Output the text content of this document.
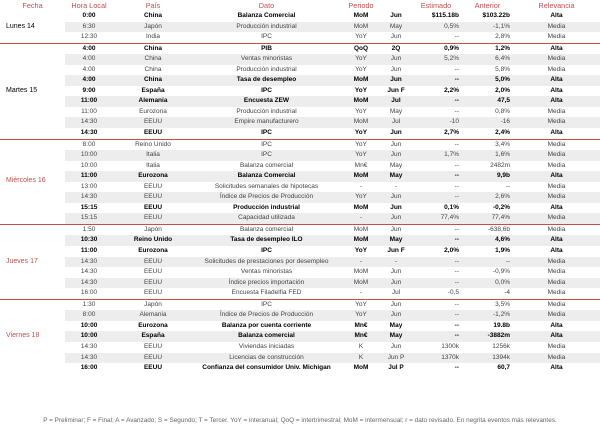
Fecha	Hora Local	País	Dato	Periodo		Estimado	Anterior	Relevancia
Lunes 14	0:00	China	Balanza Comercial	MoM	Jun	$115.18b	$103.22b	Alta
	6:30	Japón	Producción industrial	MoM	May	0,5%	-1,1%	Media
	12:30	India	IPC	YoY	Jun	--	2,8%	Media
Martes 15	4:00	China	PIB	QoQ	2Q	0,9%	1,2%	Alta
	4:00	China	Ventas minoristas	YoY	Jun	5,2%	6,4%	Media
	4:00	China	Producción industrial	YoY	Jun	--	5,8%	Media
	4:00	China	Tasa de desempleo	MoM	Jun	--	5,0%	Alta
	9:00	España	IPC	YoY	Jun F	2,2%	2,0%	Alta
	11:00	Alemania	Encuesta ZEW	MoM	Jul	--	47,5	Alta
	11:00	Eurozona	Producción industrial	YoY	May	--	0,8%	Media
	14:30	EEUU	Empire manufacturero	MoM	Jul	-10	-16	Media
	14:30	EEUU	IPC	YoY	Jun	2,7%	2,4%	Alta
Miércoles 16	8:00	Reino Unido	IPC	YoY	Jun	--	3,4%	Media
	10:00	Italia	IPC	YoY	Jun	1,7%	1,6%	Media
	10:00	Italia	Balanza comercial	Mn€	May	--	2482m	Media
	11:00	Eurozona	Balanza Comercial	MoM	May	--	9,9b	Alta
	13:00	EEUU	Solicitudes semanales de hipotecas	-	-	--	--	Media
	14:30	EEUU	Índice de Precios de Producción	YoY	Jun	--	2,6%	Media
	15:15	EEUU	Producción industrial	MoM	Jun	0,1%	-0,2%	Alta
	15:15	EEUU	Capacidad utilizada	-	Jun	77,4%	77,4%	Media
Jueves 17	1:50	Japón	Balanza comercial	MoM	Jun	--	-638,6b	Media
	10:30	Reino Unido	Tasa de desempleo ILO	MoM	May	--	4,6%	Alta
	11:00	Eurozona	IPC	YoY	Jun F	2,0%	1,9%	Alta
	14:30	EEUU	Solicitudes de prestaciones por desempleo	-	-	--	--	Media
	14:30	EEUU	Ventas minoristas	MoM	Jun	--	-0,9%	Media
	14:30	EEUU	Índice precios importación	MoM	Jun	--	0,0%	Media
	16:00	EEUU	Encuesta Filadelfia FED	-	Jul	-0,5	-4	Media
Viernes 18	1:30	Japón	IPC	YoY	Jun	--	3,5%	Media
	8:00	Alemania	Índice de Precios de Producción	YoY	Jun	--	-1,2%	Media
	10:00	Eurozona	Balanza por cuenta corriente	Mn€	May	--	19.8b	Alta
	10:00	España	Balanza comercial	Mn€	May	--	-3882m	Alta
	14:30	EEUU	Viviendas iniciadas	K	Jun	1300k	1256k	Media
	14:30	EEUU	Licencias de construcción	K	Jun P	1370k	1394k	Media
	16:00	EEUU	Confianza del consumidor Univ. Michigan	MoM	Jul P	--	60,7	Alta
P = Preliminar; F = Final; A = Avanzado; S = Segundo; T = Tercer. YoY = interanual; QoQ = intertrimestral; MoM = intermensual; r = dato revisado. En negrita eventos más relevantes.
